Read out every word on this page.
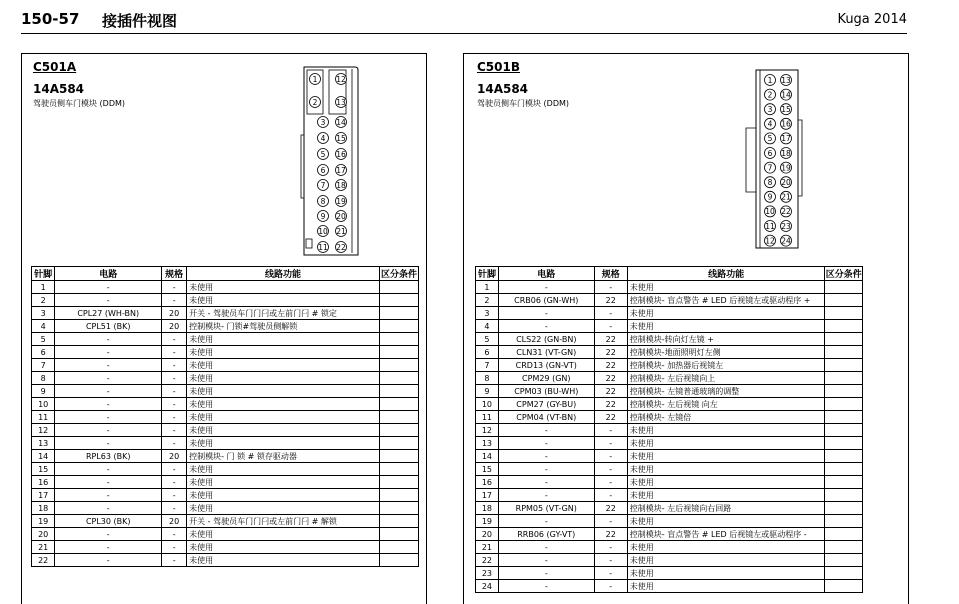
150-57 接插件视图	Kuga 2014
C501A
14A584
驾驶员侧车门模块 (DDM)
1
2
3
4
5
6
7
8
9
10
11
12
13
14
15
16
17
18
19
20
21
22
针脚	电路	规格	线路功能	区分条件
1	-	-	未使用	
2	-	-	未使用	
3	CPL27 (WH-BN)	20	开关 - 驾驶员车门门闩或左前门闩 # 锁定	
4	CPL51 (BK)	20	控制模块- 门锁#驾驶员侧解锁	
5	-	-	未使用	
6	-	-	未使用	
7	-	-	未使用	
8	-	-	未使用	
9	-	-	未使用	
10	-	-	未使用	
11	-	-	未使用	
12	-	-	未使用	
13	-	-	未使用	
14	RPL63 (BK)	20	控制模块- 门 锁 # 锁存驱动器	
15	-	-	未使用	
16	-	-	未使用	
17	-	-	未使用	
18	-	-	未使用	
19	CPL30 (BK)	20	开关 - 驾驶员车门门闩或左前门闩 # 解锁	
20	-	-	未使用	
21	-	-	未使用	
22	-	-	未使用	
C501B
14A584
驾驶员侧车门模块 (DDM)
1 13
2 14
3 15
4 16
5 17
6 18
7 19
8 20
9 21
10 22
11 23
12 24
针脚	电路	规格	线路功能	区分条件
1	-	-	未使用	
2	CRB06 (GN-WH)	22	控制模块- 盲点警告 # LED 后视镜左或驱动程序 +	
3	-	-	未使用	
4	-	-	未使用	
5	CLS22 (GN-BN)	22	控制模块-转向灯左镜 +	
6	CLN31 (VT-GN)	22	控制模块-地面照明灯左侧	
7	CRD13 (GN-VT)	22	控制模块- 加热器后视镜左	
8	CPM29 (GN)	22	控制模块- 左后视镜向上	
9	CPM03 (BU-WH)	22	控制模块- 左镜普通玻璃的调整	
10	CPM27 (GY-BU)	22	控制模块- 左后视镜 向左	
11	CPM04 (VT-BN)	22	控制模块- 左镜倍	
12	-	-	未使用	
13	-	-	未使用	
14	-	-	未使用	
15	-	-	未使用	
16	-	-	未使用	
17	-	-	未使用	
18	RPM05 (VT-GN)	22	控制模块- 左后视镜向右回路	
19	-	-	未使用	
20	RRB06 (GY-VT)	22	控制模块- 盲点警告 # LED 后视镜左或驱动程序 -	
21	-	-	未使用	
22	-	-	未使用	
23	-	-	未使用	
24	-	-	未使用	
